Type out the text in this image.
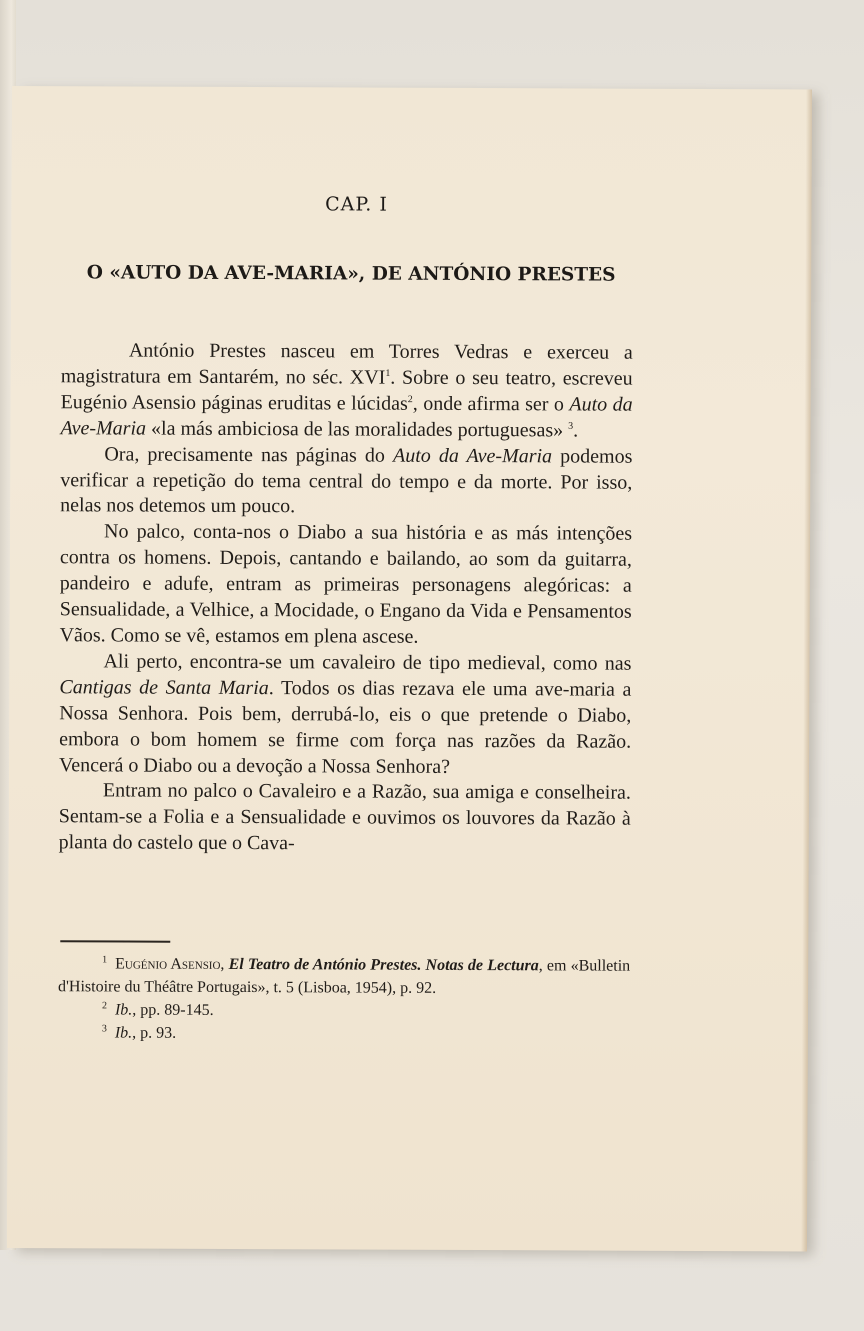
CAP. I
O «AUTO DA AVE-MARIA», DE ANTÓNIO PRESTES

António Prestes nasceu em Torres Vedras e exerceu a magistratura em Santarém, no séc. XVI$^1$. Sobre o seu teatro, escreveu Eugénio Asensio páginas eruditas e lúcidas$^2$, onde afirma ser o Auto da Ave-Maria «la más ambiciosa de las moralidades portuguesas» $^3$.

Ora, precisamente nas páginas do Auto da Ave-Maria podemos verificar a repetição do tema central do tempo e da morte. Por isso, nelas nos detemos um pouco.

No palco, conta-nos o Diabo a sua história e as más intenções contra os homens. Depois, cantando e bailando, ao som da guitarra, pandeiro e adufe, entram as primeiras personagens alegóricas: a Sensualidade, a Velhice, a Mocidade, o Engano da Vida e Pensamentos Vãos. Como se vê, estamos em plena ascese.

Ali perto, encontra-se um cavaleiro de tipo medieval, como nas Cantigas de Santa Maria. Todos os dias rezava ele uma ave-maria a Nossa Senhora. Pois bem, derrubá-lo, eis o que pretende o Diabo, embora o bom homem se firme com força nas razões da Razão. Vencerá o Diabo ou a devoção a Nossa Senhora?

Entram no palco o Cavaleiro e a Razão, sua amiga e conselheira. Sentam-se a Folia e a Sensualidade e ouvimos os louvores da Razão à planta do castelo que o Cava-

$^1$ Eugénio Asensio, El Teatro de António Prestes. Notas de Lectura, em «Bulletin d'Histoire du Théâtre Portugais», t. 5 (Lisboa, 1954), p. 92.

$^2$ Ib., pp. 89-145.

$^3$ Ib., p. 93.
